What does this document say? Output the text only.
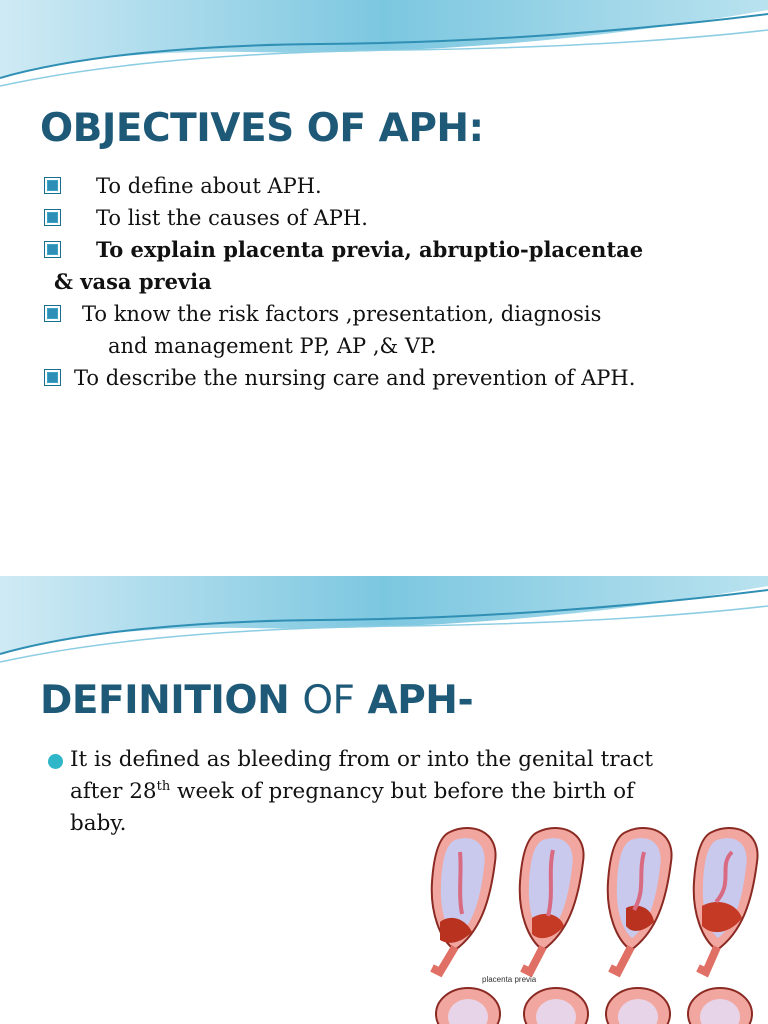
OBJECTIVES OF APH:
To define about APH.
To list the causes of APH.
To explain placenta previa, abruptio-placentae
& vasa previa
To know the risk factors ,presentation, diagnosis
and management PP, AP ,& VP.
To describe the nursing care and prevention of APH.
DEFINITION OF APH-
It is defined as bleeding from or into the genital tract
after 28th week of pregnancy but before the birth of
baby.
placenta previa
